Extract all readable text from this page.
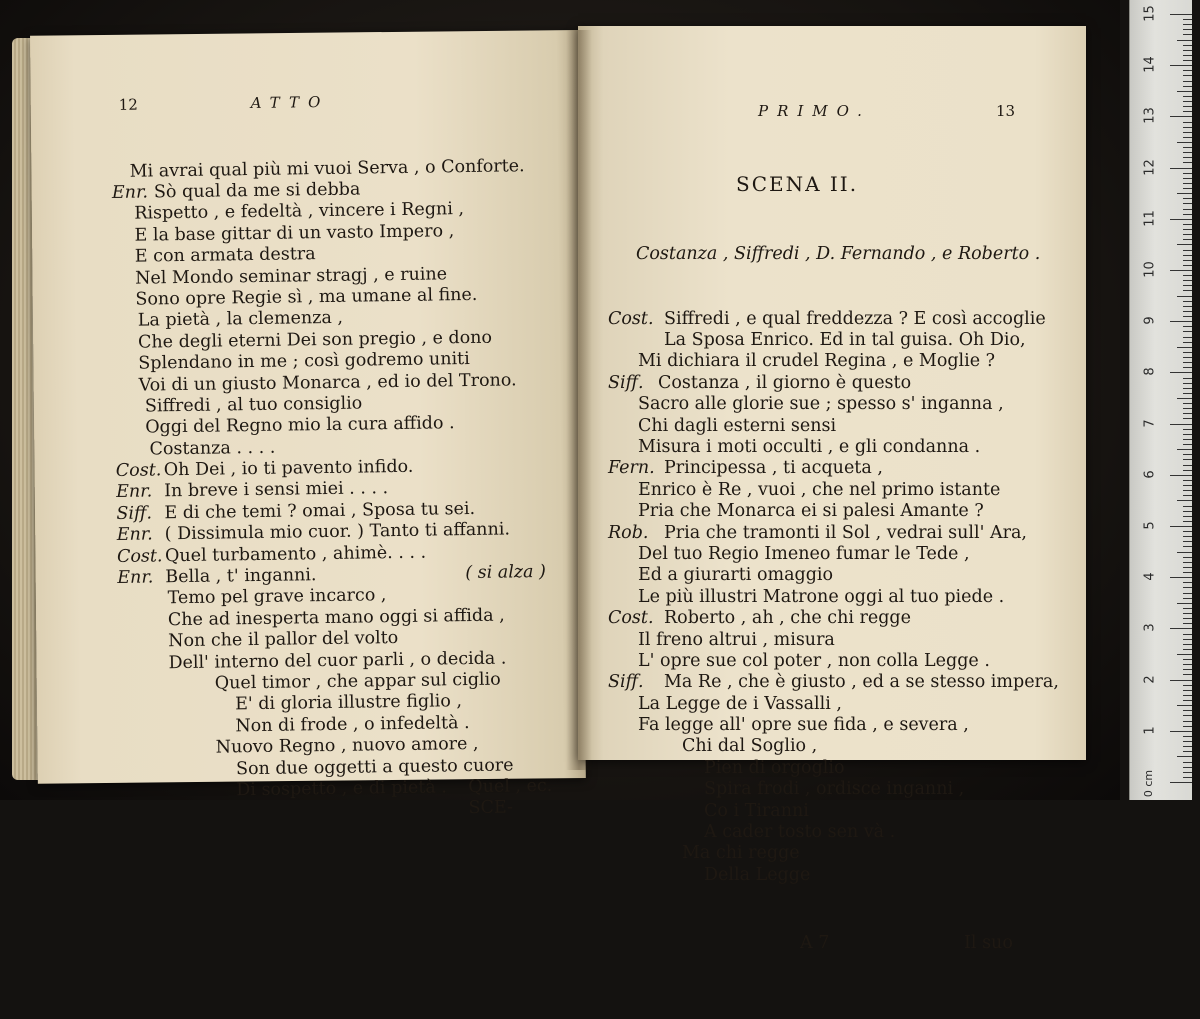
12

	ATTO

Mi avrai qual più mi vuoi Serva , o Conforte.
Enr. Sò qual da me si debba
Rispetto , e fedeltà , vincere i Regni ,
E la base gittar di un vasto Impero ,
E con armata destra
Nel Mondo seminar stragj , e ruine
Sono opre Regie sì , ma umane al fine.
La pietà , la clemenza ,
Che degli eterni Dei son pregio , e dono
Splendano in me ; così godremo uniti
Voi di un giusto Monarca , ed io del Trono.
Siffredi , al tuo consiglio
Oggi del Regno mio la cura affido .
Costanza . . . .
Cost. Oh Dei , io ti pavento infido.
Enr. In breve i sensi miei . . . .
Siff. E di che temi ? omai , Sposa tu sei.
Enr. ( Dissimula mio cuor. ) Tanto ti affanni.
Cost. Quel turbamento , ahimè. . . .
Enr. Bella , t' inganni.	( si alza )
Temo pel grave incarco ,
Che ad inesperta mano oggi si affida ,
Non che il pallor del volto
Dell' interno del cuor parli , o decida .
Quel timor , che appar sul ciglio
E' di gloria illustre figlio ,
Non di frode , o infedeltà .
Nuovo Regno , nuovo amore ,
Son due oggetti a questo cuore
Di sospetto , e di pietà . Quel , ec.
SCE-

PRIMO.

	13

SCENA II.

Costanza , Siffredi , D. Fernando , e Roberto .

Cost. Siffredi , e qual freddezza ? E così accoglie
La Sposa Enrico. Ed in tal guisa. Oh Dio,
Mi dichiara il crudel Regina , e Moglie ?
Siff. Costanza , il giorno è questo
Sacro alle glorie sue ; spesso s' inganna ,
Chi dagli esterni sensi
Misura i moti occulti , e gli condanna .
Fern. Principessa , ti acqueta ,
Enrico è Re , vuoi , che nel primo istante
Pria che Monarca ei si palesi Amante ?
Rob. Pria che tramonti il Sol , vedrai sull' Ara,
Del tuo Regio Imeneo fumar le Tede ,
Ed a giurarti omaggio
Le più illustri Matrone oggi al tuo piede .
Cost. Roberto , ah , che chi regge
Il freno altrui , misura
L' opre sue col poter , non colla Legge .
Siff. Ma Re , che è giusto , ed a se stesso impera,
La Legge de i Vassalli ,
Fa legge all' opre sue fida , e severa ,
Chi dal Soglio ,
Pien di orgoglio
Spira frodi , ordisce inganni ,
Co i Tiranni
A cader tosto sen và .
Ma chi regge
Della Legge

A 7

	Il suo

1
2
3
4
5
6
7
8
9
10
11
12
13
14
15
0 cm
